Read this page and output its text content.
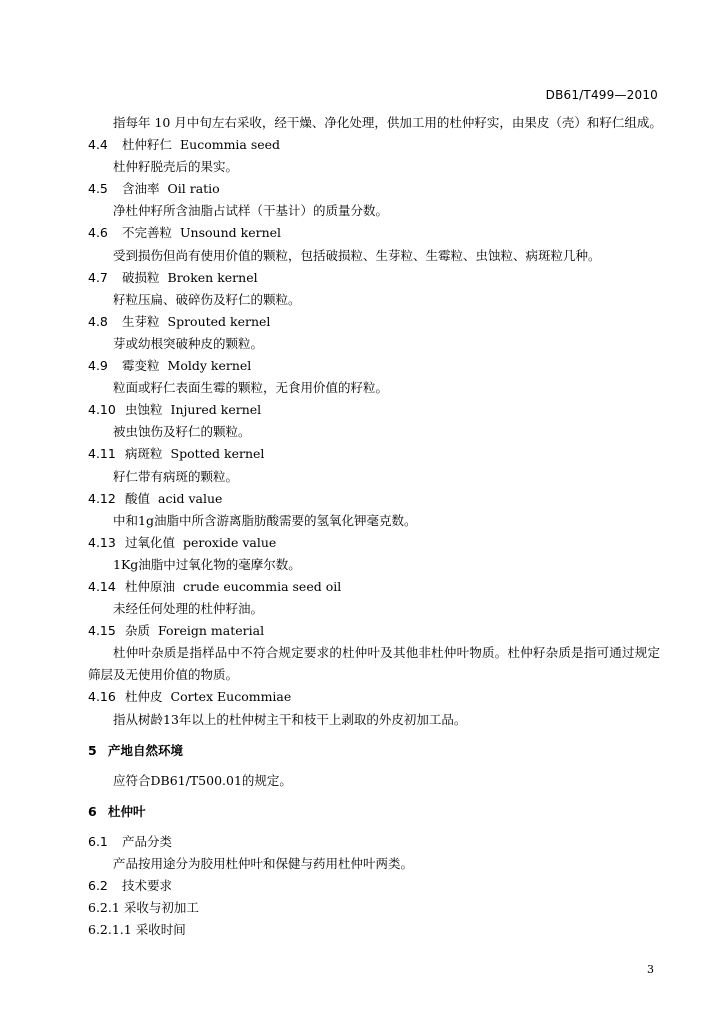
DB61/T499—2010
指每年 10 月中旬左右采收，经干燥、净化处理，供加工用的杜仲籽实，由果皮（壳）和籽仁组成。
4.4 杜仲籽仁 Eucommia seed
杜仲籽脱壳后的果实。
4.5 含油率 Oil ratio
净杜仲籽所含油脂占试样（干基计）的质量分数。
4.6 不完善粒 Unsound kernel
受到损伤但尚有使用价值的颗粒，包括破损粒、生芽粒、生霉粒、虫蚀粒、病斑粒几种。
4.7 破损粒 Broken kernel
籽粒压扁、破碎伤及籽仁的颗粒。
4.8 生芽粒 Sprouted kernel
芽或幼根突破种皮的颗粒。
4.9 霉变粒 Moldy kernel
粒面或籽仁表面生霉的颗粒，无食用价值的籽粒。
4.10 虫蚀粒 Injured kernel
被虫蚀伤及籽仁的颗粒。
4.11 病斑粒 Spotted kernel
籽仁带有病斑的颗粒。
4.12 酸值 acid value
中和1g油脂中所含游离脂肪酸需要的氢氧化钾毫克数。
4.13 过氧化值 peroxide value
1Kg油脂中过氧化物的毫摩尔数。
4.14 杜仲原油 crude eucommia seed oil
未经任何处理的杜仲籽油。
4.15 杂质 Foreign material
杜仲叶杂质是指样品中不符合规定要求的杜仲叶及其他非杜仲叶物质。杜仲籽杂质是指可通过规定筛层及无使用价值的物质。
4.16 杜仲皮 Cortex Eucommiae
指从树龄13年以上的杜仲树主干和枝干上剥取的外皮初加工品。
5 产地自然环境
应符合DB61/T500.01的规定。
6 杜仲叶
6.1 产品分类
产品按用途分为胶用杜仲叶和保健与药用杜仲叶两类。
6.2 技术要求
6.2.1 采收与初加工
6.2.1.1 采收时间
3
